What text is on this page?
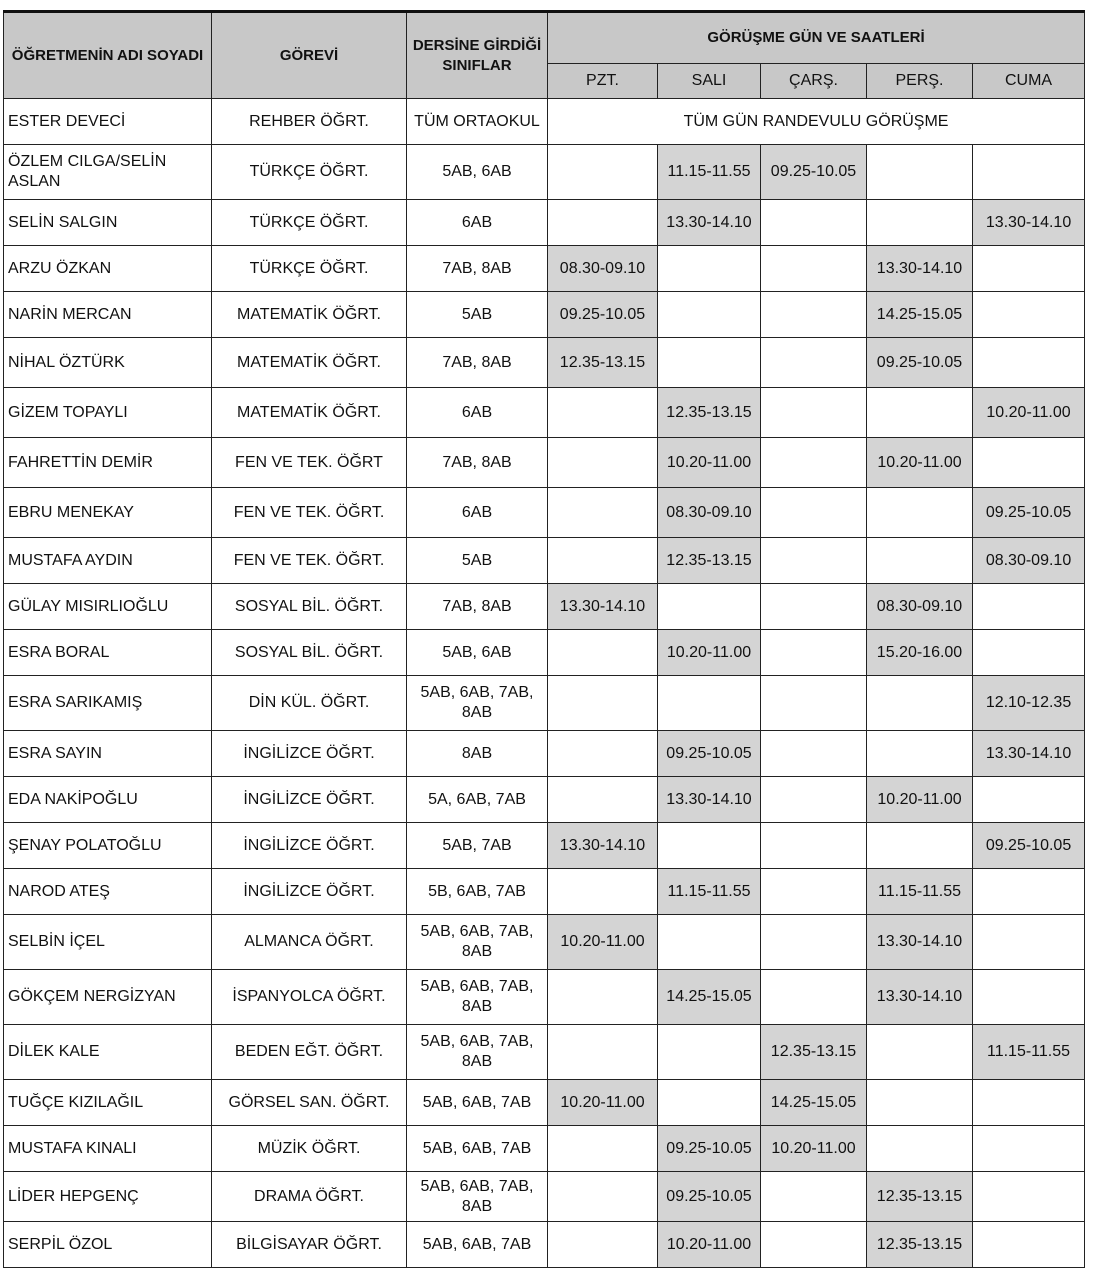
ÖĞRETMENİN ADI SOYADI	GÖREVİ	DERSİNE GİRDİĞİ SINIFLAR	GÖRÜŞME GÜN VE SAATLERİ				
			PZT.	SALI	ÇARŞ.	PERŞ.	CUMA
ESTER DEVECİ	REHBER ÖĞRT.	TÜM ORTAOKUL	TÜM GÜN RANDEVULU GÖRÜŞME				
ÖZLEM CILGA/SELİN ASLAN	TÜRKÇE ÖĞRT.	5AB, 6AB		11.15-11.55	09.25-10.05		
SELİN SALGIN	TÜRKÇE ÖĞRT.	6AB		13.30-14.10			13.30-14.10
ARZU ÖZKAN	TÜRKÇE ÖĞRT.	7AB, 8AB	08.30-09.10			13.30-14.10	
NARİN MERCAN	MATEMATİK ÖĞRT.	5AB	09.25-10.05			14.25-15.05	
NİHAL ÖZTÜRK	MATEMATİK ÖĞRT.	7AB, 8AB	12.35-13.15			09.25-10.05	
GİZEM TOPAYLI	MATEMATİK ÖĞRT.	6AB		12.35-13.15			10.20-11.00
FAHRETTİN DEMİR	FEN VE TEK. ÖĞRT	7AB, 8AB		10.20-11.00		10.20-11.00	
EBRU MENEKAY	FEN VE TEK. ÖĞRT.	6AB		08.30-09.10			09.25-10.05
MUSTAFA AYDIN	FEN VE TEK. ÖĞRT.	5AB		12.35-13.15			08.30-09.10
GÜLAY MISIRLIOĞLU	SOSYAL BİL. ÖĞRT.	7AB, 8AB	13.30-14.10			08.30-09.10	
ESRA BORAL	SOSYAL BİL. ÖĞRT.	5AB, 6AB		10.20-11.00		15.20-16.00	
ESRA SARIKAMIŞ	DİN KÜL. ÖĞRT.	5AB, 6AB, 7AB, 8AB					12.10-12.35
ESRA SAYIN	İNGİLİZCE ÖĞRT.	8AB		09.25-10.05			13.30-14.10
EDA NAKİPOĞLU	İNGİLİZCE ÖĞRT.	5A, 6AB, 7AB		13.30-14.10		10.20-11.00	
ŞENAY POLATOĞLU	İNGİLİZCE ÖĞRT.	5AB, 7AB	13.30-14.10				09.25-10.05
NAROD ATEŞ	İNGİLİZCE ÖĞRT.	5B, 6AB, 7AB		11.15-11.55		11.15-11.55	
SELBİN İÇEL	ALMANCA ÖĞRT.	5AB, 6AB, 7AB, 8AB	10.20-11.00			13.30-14.10	
GÖKÇEM NERGİZYAN	İSPANYOLCA ÖĞRT.	5AB, 6AB, 7AB, 8AB		14.25-15.05		13.30-14.10	
DİLEK KALE	BEDEN EĞT. ÖĞRT.	5AB, 6AB, 7AB, 8AB			12.35-13.15		11.15-11.55
TUĞÇE KIZILAĞIL	GÖRSEL SAN. ÖĞRT.	5AB, 6AB, 7AB	10.20-11.00		14.25-15.05		
MUSTAFA KINALI	MÜZİK ÖĞRT.	5AB, 6AB, 7AB		09.25-10.05	10.20-11.00		
LİDER HEPGENÇ	DRAMA ÖĞRT.	5AB, 6AB, 7AB, 8AB		09.25-10.05		12.35-13.15	
SERPİL ÖZOL	BİLGİSAYAR ÖĞRT.	5AB, 6AB, 7AB		10.20-11.00		12.35-13.15	
